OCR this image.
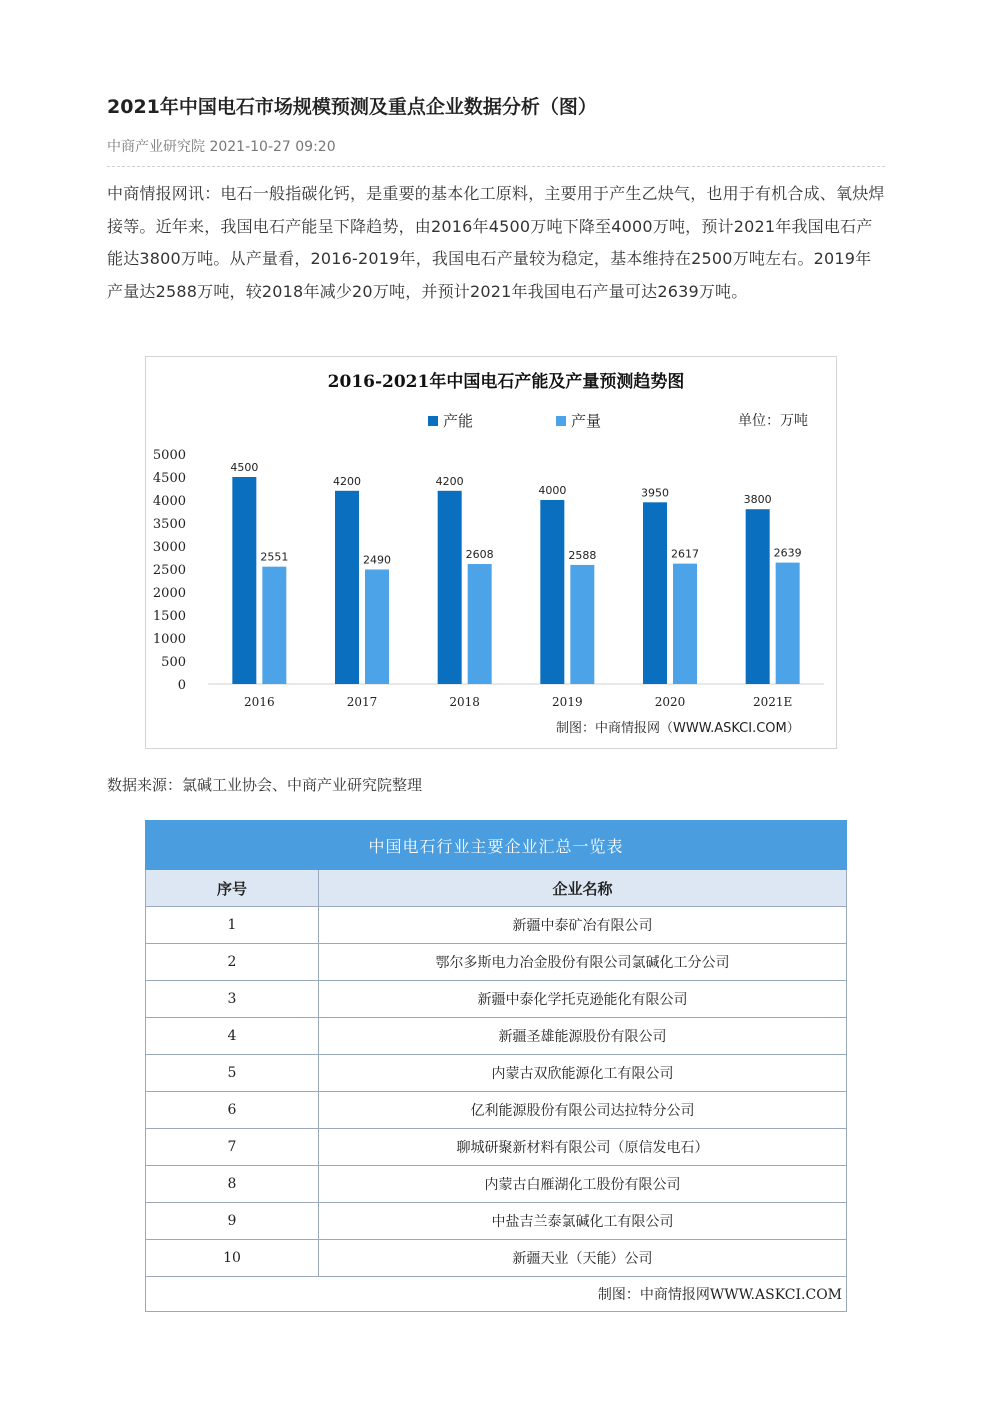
2021年中国电石市场规模预测及重点企业数据分析（图）
中商产业研究院 2021-10-27 09:20
中商情报网讯：电石一般指碳化钙，是重要的基本化工原料，主要用于产生乙炔气，也用于有机合成、氧炔焊接等。近年来，我国电石产能呈下降趋势，由2016年4500万吨下降至4000万吨，预计2021年我国电石产能达3800万吨。从产量看，2016-2019年，我国电石产量较为稳定，基本维持在2500万吨左右。2019年产量达2588万吨，较2018年减少20万吨，并预计2021年我国电石产量可达2639万吨。
2016-2021年中国电石产能及产量预测趋势图
产能	产量	单位：万吨
0
500
1000
1500
2000
2500
3000
3500
4000
4500
5000
4500
2551
2016
4200
2490
2017
4200
2608
2018
4000
2588
2019
3950
2617
2020
3800
2639
2021E
制图：中商情报网（WWW.ASKCI.COM）
数据来源：氯碱工业协会、中商产业研究院整理
中国电石行业主要企业汇总一览表	
序号	企业名称
1	新疆中泰矿冶有限公司
2	鄂尔多斯电力冶金股份有限公司氯碱化工分公司
3	新疆中泰化学托克逊能化有限公司
4	新疆圣雄能源股份有限公司
5	内蒙古双欣能源化工有限公司
6	亿利能源股份有限公司达拉特分公司
7	聊城研聚新材料有限公司（原信发电石）
8	内蒙古白雁湖化工股份有限公司
9	中盐吉兰泰氯碱化工有限公司
10	新疆天业（天能）公司
制图：中商情报网WWW.ASKCI.COM	
